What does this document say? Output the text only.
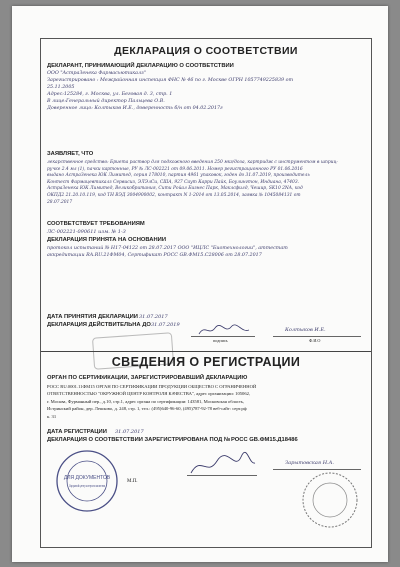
ДЕКЛАРАЦИЯ О СООТВЕТСТВИИ
ДЕКЛАРАНТ, ПРИНИМАЮЩИЙ ДЕКЛАРАЦИЮ О СООТВЕТСТВИИ
ООО "АстраЗенека Фармасьютикалз"
Зарегистрировано : Межрайонная инспекция ФНС № 46 по г. Москве ОГРН 1057749225839 от
25.11.2005
Адрес:125284, г. Москва, ул. Беговая д. 3, стр. 1
В лице:Генеральный директор Пальцева О.В.
Доверенное лицо: Колтыков И.Е., доверенность б/н от 04.02.2017г
ЗАЯВЛЯЕТ, ЧТО
лекарственное средство: Бриета раствор для подкожного введения 250 мкг/доза, картридж с инструментом в шприц-
ручке 2.4 мл (1), пачки картонные, РУ № ЛС-002221 от 09.06.2011. Номер регистрационного РУ 01.06.2016
выдано АстраЗенека ЮК Лимитед, серия 178010, партия 4961 упаковок, годен до 31.07.2019, производитель
Контест Фармацевтикалз Сервисиз, ЭЛЭлСи, США, 927 Саут Карри Пайк, Боулингтон, Индиана, 47403.
АстраЗенека ЮК Лимитед, Великобритания, Сити Ройал Бизнес Парк, Маклсфилд, Чешир, SK10 2NA, код
ОКПД2 21.20.10.119, код ТН ВЭД 3004900002, контракт N 1-2014 от 13.05.2014, заявка № 1045084131 от
28.07.2017
СООТВЕТСТВУЕТ ТРЕБОВАНИЯМ
ЛС-002221-090611 изм. № 1-3
ДЕКЛАРАЦИЯ ПРИНЯТА НА ОСНОВАНИИ
протокол испытаний № Н17-04122 от 28.07.2017 ООО "ИЦЛС "Биотехнологии", аттестат
аккредитации RA.RU.21ФМ04, Сертификат РОСС GB.ФМ15.C28006 от 28.07.2017
ДАТА ПРИНЯТИЯ ДЕКЛАРАЦИИ 31.07.2017
ДЕКЛАРАЦИЯ ДЕЙСТВИТЕЛЬНА ДО 31.07.2019
подпись
Колтыков И.Е.
Ф.И.О
СВЕДЕНИЯ О РЕГИСТРАЦИИ
ОРГАН ПО СЕРТИФИКАЦИИ, ЗАРЕГИСТРИРОВАВШИЙ ДЕКЛАРАЦИЮ
РОСС RU.0001.11ФМ15 ОРГАН ПО СЕРТИФИКАЦИИ ПРОДУКЦИИ ОБЩЕСТВО С ОГРАНИЧЕННОЙ
ОТВЕТСТВЕННОСТЬЮ "ОКРУЖНОЙ ЦЕНТР КОНТРОЛЯ КАЧЕСТВА", адрес организации: 105062,
г. Москва, Фурманный пер., д.10, стр.1, адрес органа по сертификации: 143581, Московская область,
Истринский район, дер. Лешково, д. 248, стр. 1, тел.: (495)640-96-60, (495)787-92-78 веб-сайт: серт.рф
к. 31
ДАТА РЕГИСТРАЦИИ 31.07.2017
ДЕКЛАРАЦИЯ О СООТВЕТСТВИИ ЗАРЕГИСТРИРОВАНА ПОД № РОСС GB.ФМ15.Д18486
ДЛЯ ДОКУМЕНТОВ
Окружной центр контроля качества
М.П.
Зарытовская Н.А.
